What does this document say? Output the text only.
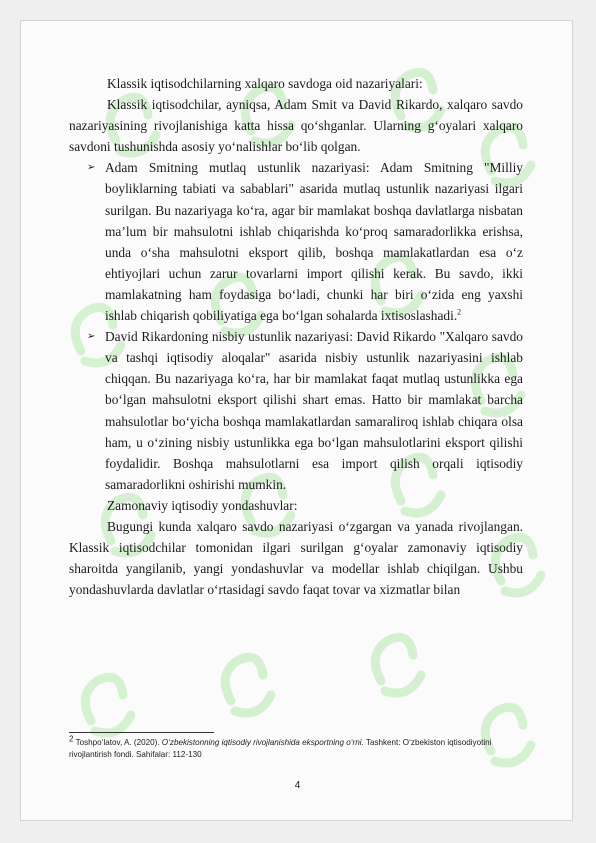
Klassik iqtisodchilarning xalqaro savdoga oid nazariyalari:

Klassik iqtisodchilar, ayniqsa, Adam Smit va David Rikardo, xalqaro savdo nazariyasining rivojlanishiga katta hissa qo‘shganlar. Ularning g‘oyalari xalqaro savdoni tushunishda asosiy yo‘nalishlar bo‘lib qolgan.

➢ Adam Smitning mutlaq ustunlik nazariyasi: Adam Smitning "Milliy boyliklarning tabiati va sabablari" asarida mutlaq ustunlik nazariyasi ilgari surilgan. Bu nazariyaga ko‘ra, agar bir mamlakat boshqa davlatlarga nisbatan ma’lum bir mahsulotni ishlab chiqarishda ko‘proq samaradorlikka erishsa, unda o‘sha mahsulotni eksport qilib, boshqa mamlakatlardan esa o‘z ehtiyojlari uchun zarur tovarlarni import qilishi kerak. Bu savdo, ikki mamlakatning ham foydasiga bo‘ladi, chunki har biri o‘zida eng yaxshi ishlab chiqarish qobiliyatiga ega bo‘lgan sohalarda ixtisoslashadi.$^2$

➢ David Rikardoning nisbiy ustunlik nazariyasi: David Rikardo "Xalqaro savdo va tashqi iqtisodiy aloqalar" asarida nisbiy ustunlik nazariyasini ishlab chiqqan. Bu nazariyaga ko‘ra, har bir mamlakat faqat mutlaq ustunlikka ega bo‘lgan mahsulotni eksport qilishi shart emas. Hatto bir mamlakat barcha mahsulotlar bo‘yicha boshqa mamlakatlardan samaraliroq ishlab chiqara olsa ham, u o‘zining nisbiy ustunlikka ega bo‘lgan mahsulotlarini eksport qilishi foydalidir. Boshqa mahsulotlarni esa import qilish orqali iqtisodiy samaradorlikni oshirishi mumkin.

Zamonaviy iqtisodiy yondashuvlar:

Bugungi kunda xalqaro savdo nazariyasi o‘zgargan va yanada rivojlangan. Klassik iqtisodchilar tomonidan ilgari surilgan g‘oyalar zamonaviy iqtisodiy sharoitda yangilanib, yangi yondashuvlar va modellar ishlab chiqilgan. Ushbu yondashuvlarda davlatlar o‘rtasidagi savdo faqat tovar va xizmatlar bilan

$^2$ Toshpo‘latov, A. (2020). O‘zbekistonning iqtisodiy rivojlanishida eksportning o‘rni. Tashkent: O‘zbekiston iqtisodiyotini rivojlantirish fondi. Sahifalar: 112-130
4
